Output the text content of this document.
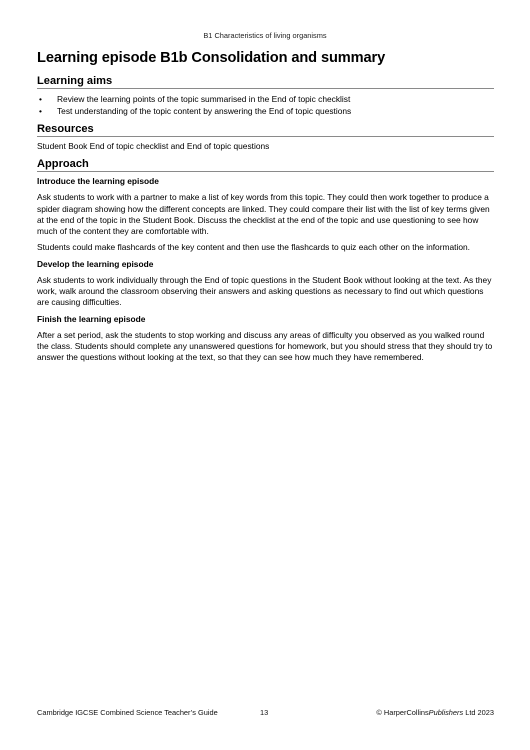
B1 Characteristics of living organisms
Learning episode B1b Consolidation and summary
Learning aims
• Review the learning points of the topic summarised in the End of topic checklist
• Test understanding of the topic content by answering the End of topic questions
Resources

Student Book End of topic checklist and End of topic questions

Approach
Introduce the learning episode

Ask students to work with a partner to make a list of key words from this topic. They could then work together to produce a spider diagram showing how the different concepts are linked. They could compare their list with the list of key terms given at the end of the topic in the Student Book. Discuss the checklist at the end of the topic and use questioning to see how much of the content they are comfortable with.

Students could make flashcards of the key content and then use the flashcards to quiz each other on the information.

Develop the learning episode

Ask students to work individually through the End of topic questions in the Student Book without looking at the text. As they work, walk around the classroom observing their answers and asking questions as necessary to find out which questions are causing difficulties.

Finish the learning episode

After a set period, ask the students to stop working and discuss any areas of difficulty you observed as you walked round the class. Students should complete any unanswered questions for homework, but you should stress that they should try to answer the questions without looking at the text, so that they can see how much they have remembered.

Cambridge IGCSE Combined Science Teacher’s Guide	13	© HarperCollinsPublishers Ltd 2023
